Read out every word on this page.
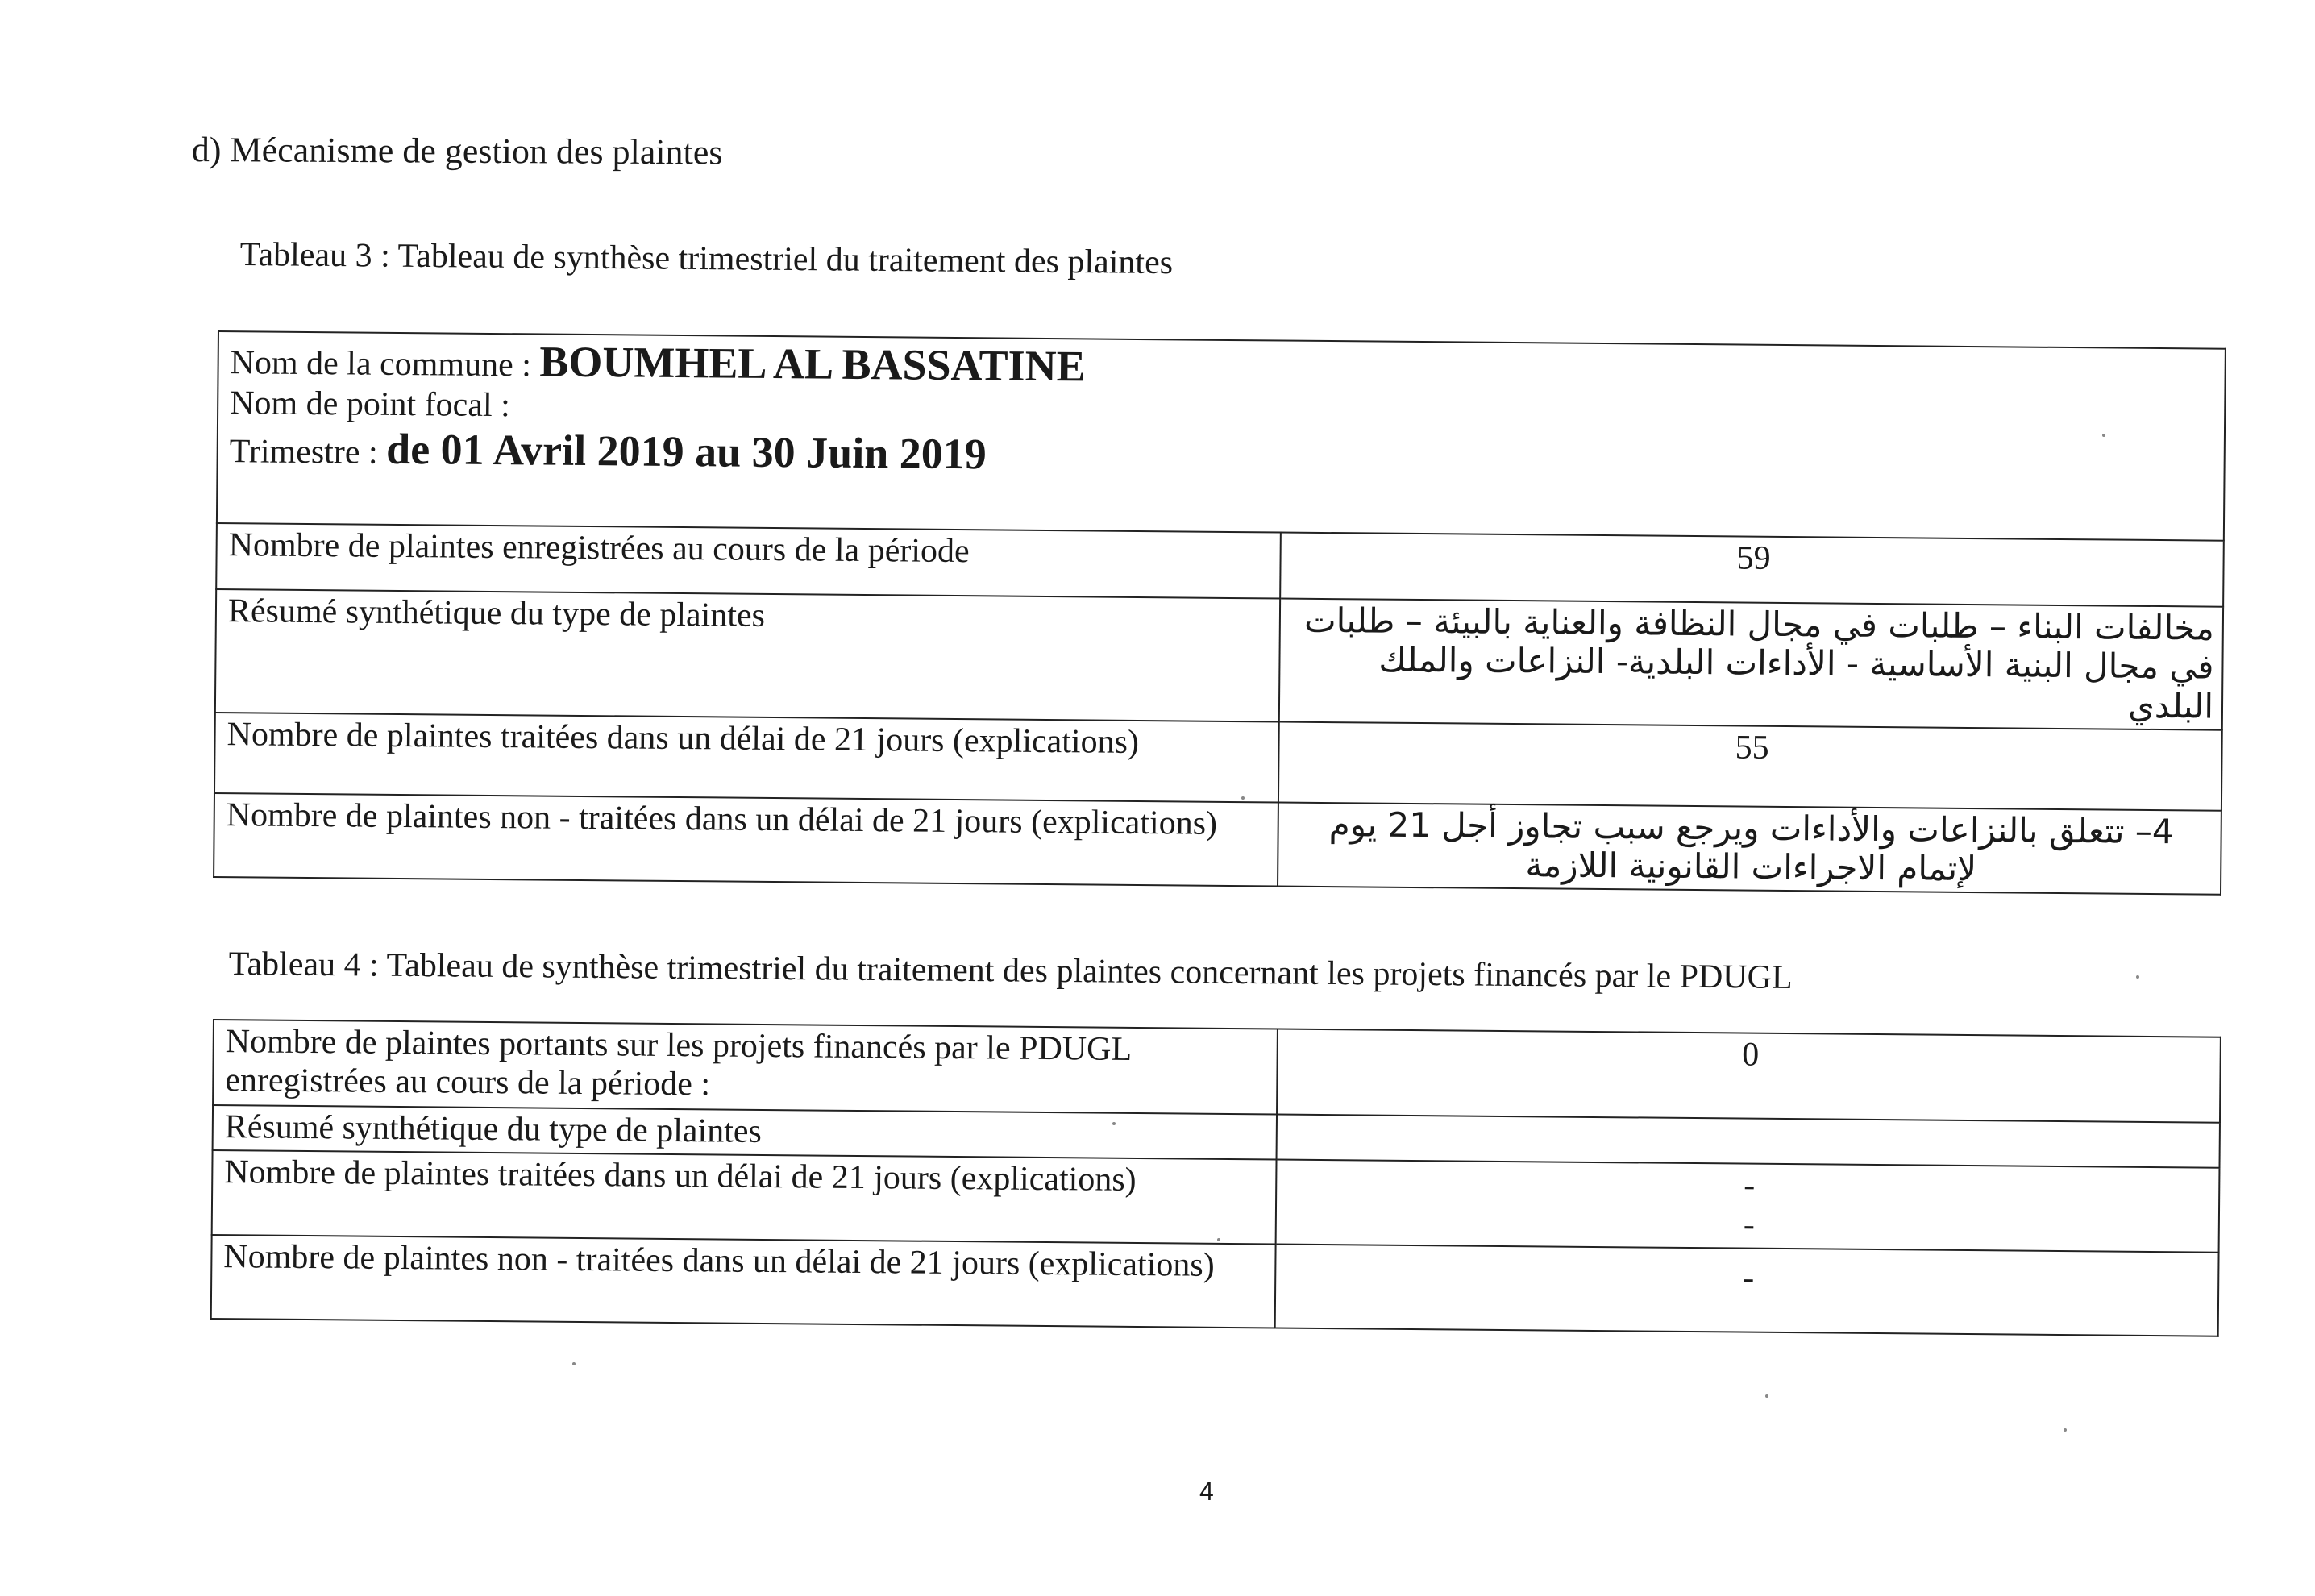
d) Mécanisme de gestion des plaintes
Tableau 3 : Tableau de synthèse trimestriel du traitement des plaintes
Nom de la commune : BOUMHEL AL BASSATINE
Nom de point focal :
Trimestre : de 01 Avril 2019 au 30 Juin 2019	

Nombre de plaintes enregistrées au cours de la période	59
Résumé synthétique du type de plaintes	مخالفات البناء – طلبات في مجال النظافة والعناية بالبيئة – طلبات في مجال البنية الأساسية - الأداءات البلدية- النزاعات والملك البلدي
Nombre de plaintes traitées dans un délai de 21 jours (explications)	55
Nombre de plaintes non - traitées dans un délai de 21 jours (explications)	4– تتعلق بالنزاعات والأداءات ويرجع سبب تجاوز أجل 21 يوم لإتمام الاجراءات القانونية اللازمة
Tableau 4 : Tableau de synthèse trimestriel du traitement des plaintes concernant les projets financés par le PDUGL
Nombre de plaintes portants sur les projets financés par le PDUGL enregistrées au cours de la période :	0
Résumé synthétique du type de plaintes	
Nombre de plaintes traitées dans un délai de 21 jours (explications)	-
-

Nombre de plaintes non - traitées dans un délai de 21 jours (explications)	-
4
